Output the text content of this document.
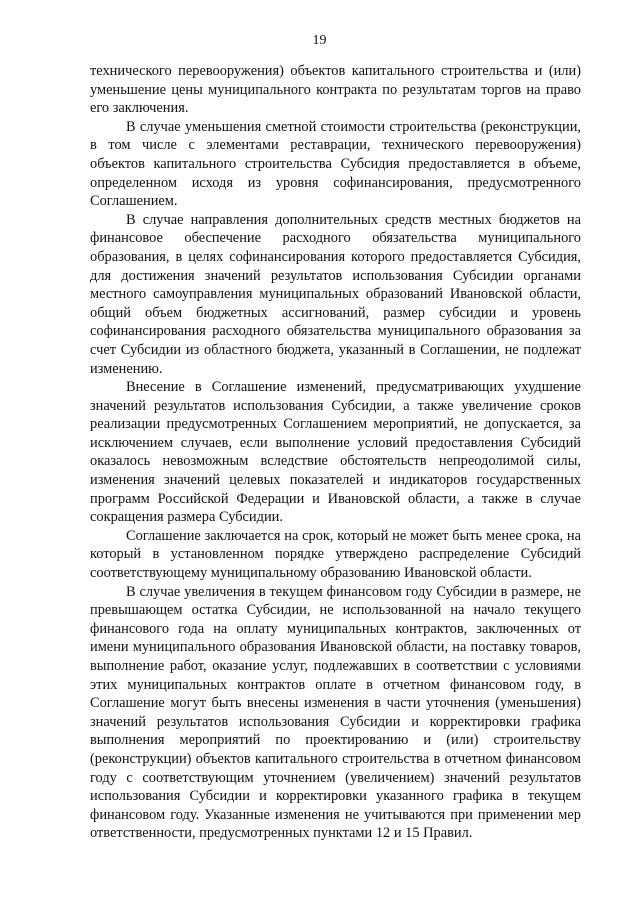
19

технического перевооружения) объектов капитального строительства и (или) уменьшение цены муниципального контракта по результатам торгов на право его заключения.

В случае уменьшения сметной стоимости строительства (реконструкции, в том числе с элементами реставрации, технического перевооружения) объектов капитального строительства Субсидия предоставляется в объеме, определенном исходя из уровня софинансирования, предусмотренного Соглашением.

В случае направления дополнительных средств местных бюджетов на финансовое обеспечение расходного обязательства муниципального образования, в целях софинансирования которого предоставляется Субсидия, для достижения значений результатов использования Субсидии органами местного самоуправления муниципальных образований Ивановской области, общий объем бюджетных ассигнований, размер субсидии и уровень софинансирования расходного обязательства муниципального образования за счет Субсидии из областного бюджета, указанный в Соглашении, не подлежат изменению.

Внесение в Соглашение изменений, предусматривающих ухудшение значений результатов использования Субсидии, а также увеличение сроков реализации предусмотренных Соглашением мероприятий, не допускается, за исключением случаев, если выполнение условий предоставления Субсидий оказалось невозможным вследствие обстоятельств непреодолимой силы, изменения значений целевых показателей и индикаторов государственных программ Российской Федерации и Ивановской области, а также в случае сокращения размера Субсидии.

Соглашение заключается на срок, который не может быть менее срока, на который в установленном порядке утверждено распределение Субсидий соответствующему муниципальному образованию Ивановской области.

В случае увеличения в текущем финансовом году Субсидии в размере, не превышающем остатка Субсидии, не использованной на начало текущего финансового года на оплату муниципальных контрактов, заключенных от имени муниципального образования Ивановской области, на поставку товаров, выполнение работ, оказание услуг, подлежавших в соответствии с условиями этих муниципальных контрактов оплате в отчетном финансовом году, в Соглашение могут быть внесены изменения в части уточнения (уменьшения) значений результатов использования Субсидии и корректировки графика выполнения мероприятий по проектированию и (или) строительству (реконструкции) объектов капитального строительства в отчетном финансовом году с соответствующим уточнением (увеличением) значений результатов использования Субсидии и корректировки указанного графика в текущем финансовом году. Указанные изменения не учитываются при применении мер ответственности, предусмотренных пунктами 12 и 15 Правил.
